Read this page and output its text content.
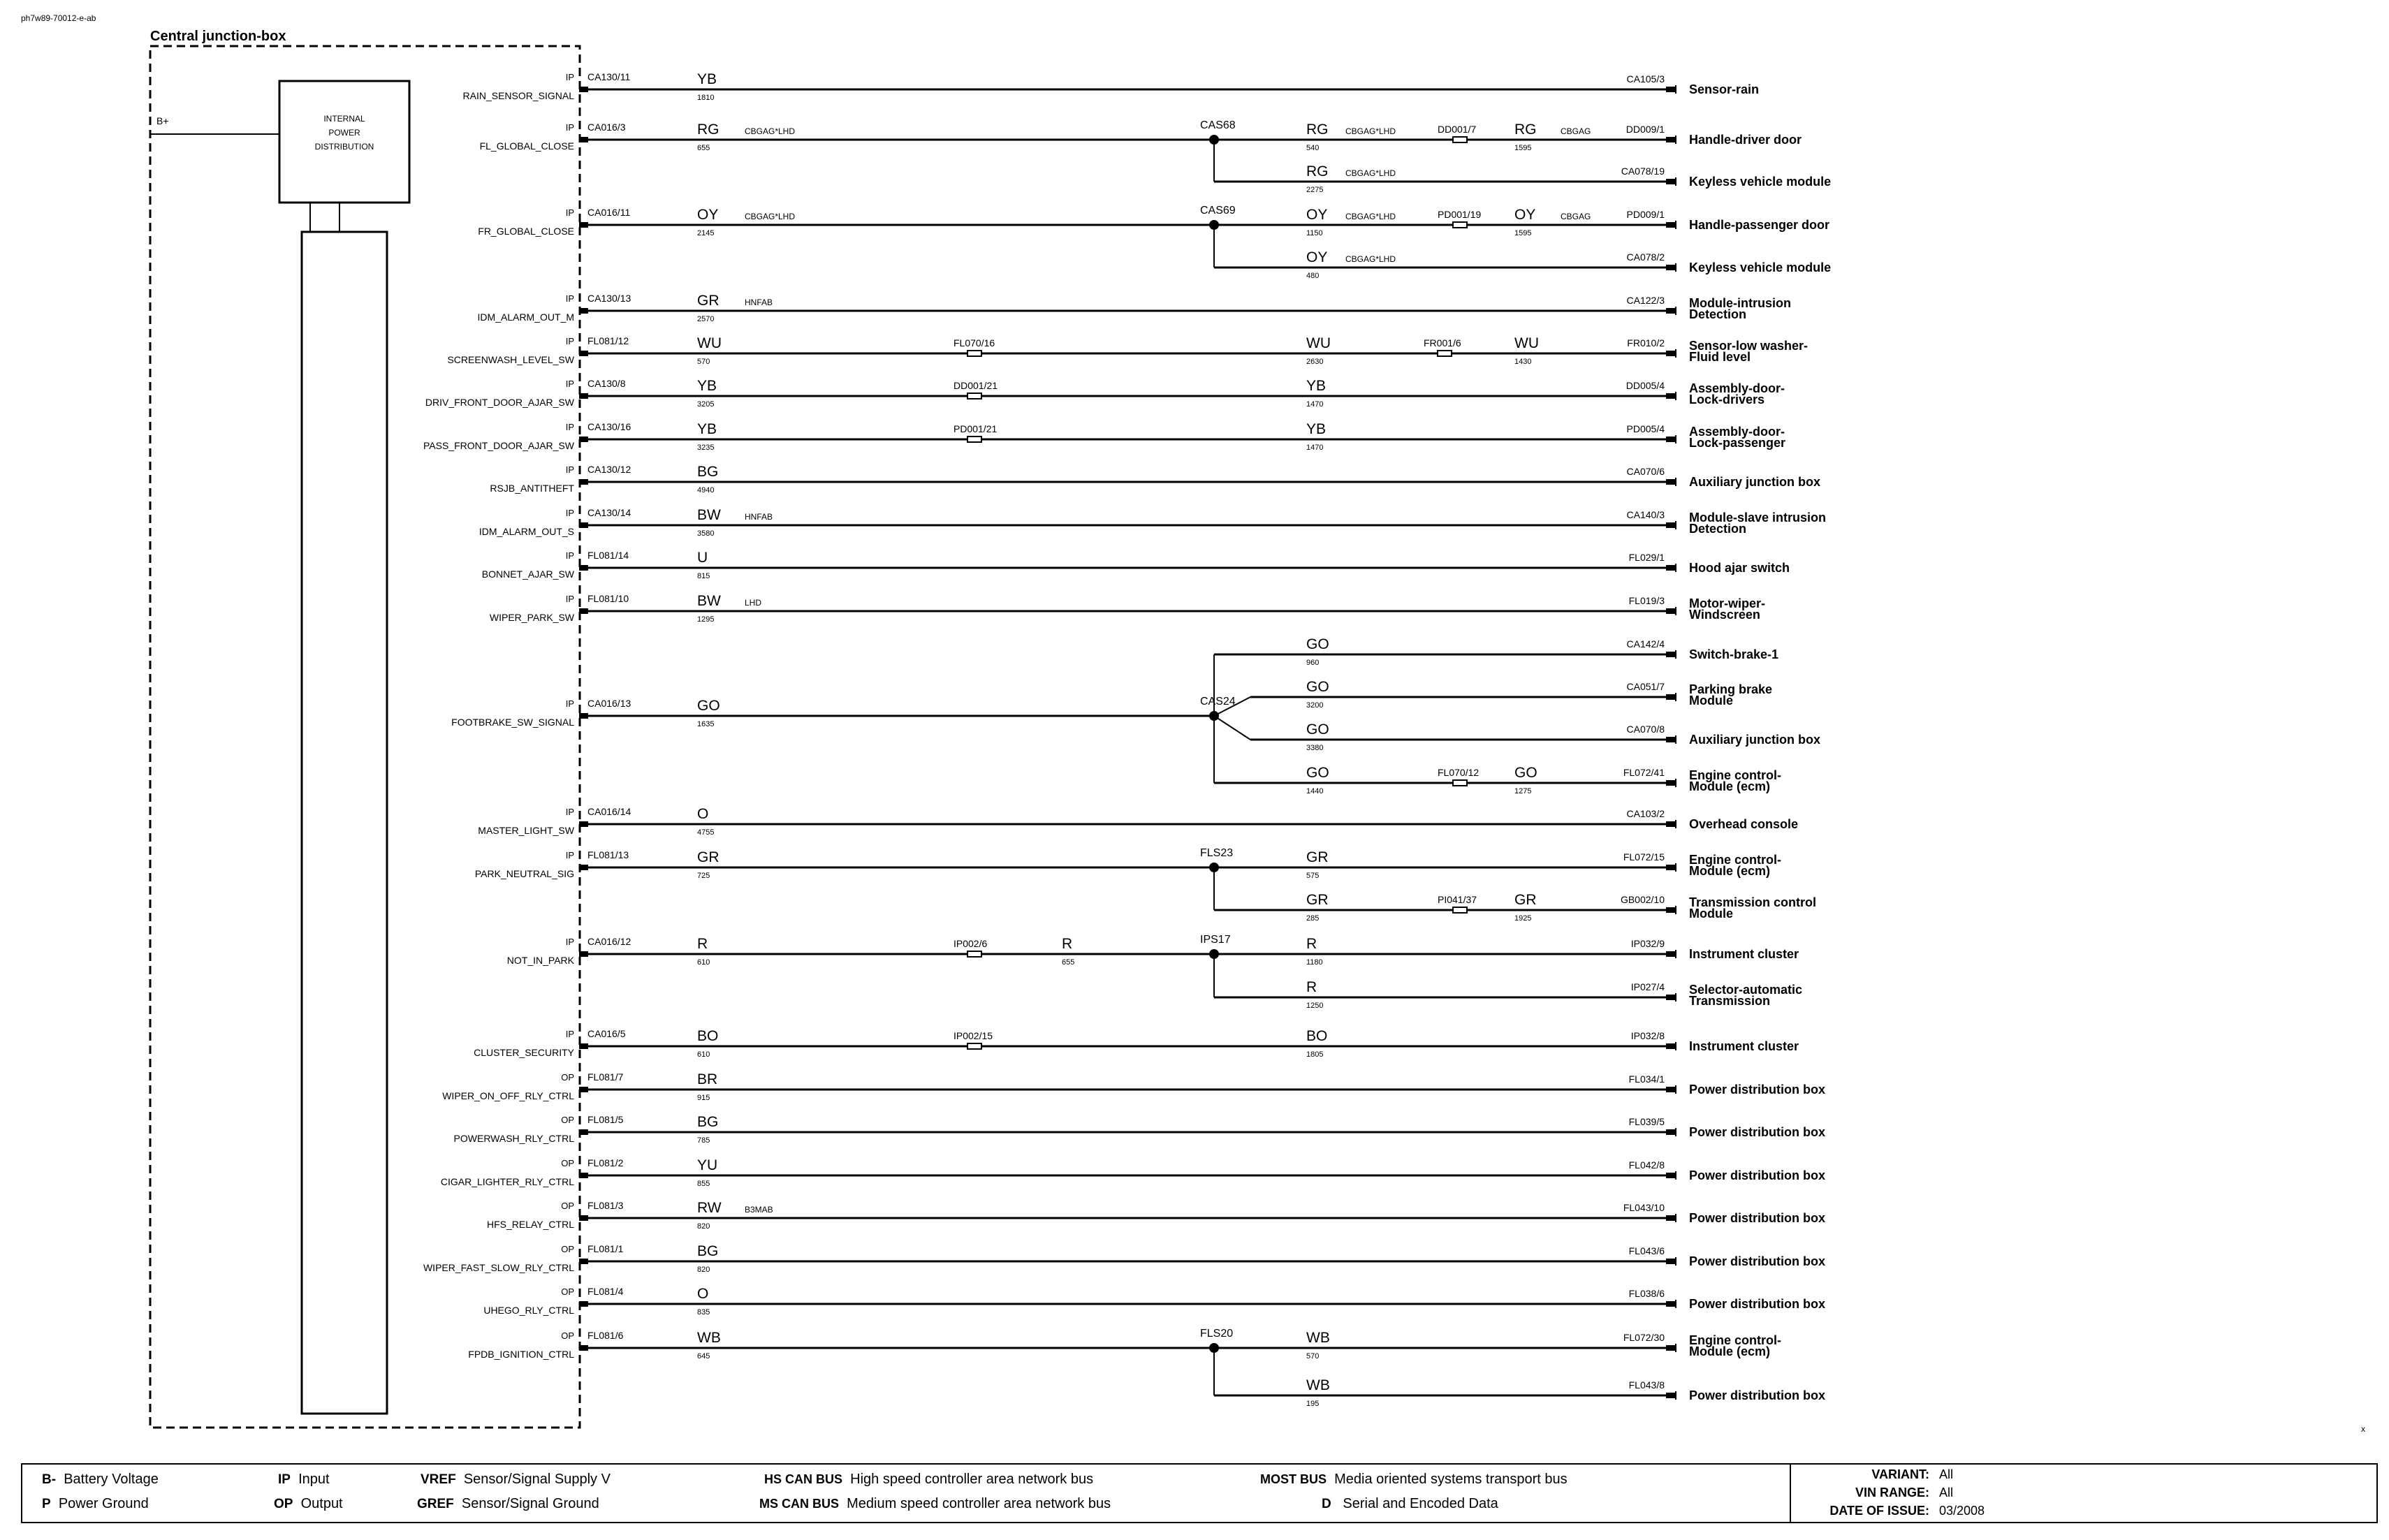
ph7w89-70012-e-ab
Central junction-box
B+	INTERNAL
POWER
DISTRIBUTION
x
IP
RAIN_SENSOR_SIGNAL
CA130/11	YB
1810
CA105/3
Sensor-rain
IP
FL_GLOBAL_CLOSE
CA016/3	RG
655
CBGAG*LHD	CAS68	RG
540
CBGAG*LHD	DD001/7	RG
1595
CBGAG	DD009/1
Handle-driver door
RG
2275
CBGAG*LHD	CA078/19
Keyless vehicle module
IP
FR_GLOBAL_CLOSE
CA016/11	OY
2145
CBGAG*LHD	CAS69	OY
1150
CBGAG*LHD	PD001/19 OY
1595
CBGAG	PD009/1
Handle-passenger door
OY
480
CBGAG*LHD	CA078/2
Keyless vehicle module
IP
IDM_ALARM_OUT_M
CA130/13	GR
2570
HNFAB	CA122/3 Module-intrusion
Detection
IP
SCREENWASH_LEVEL_SW
FL081/12	WU
570
FL070/16	WU
2630
FR001/6	WU
1430
FR010/2 Sensor-low washer-
Fluid level
IP
DRIV_FRONT_DOOR_AJAR_SW
CA130/8	YB
3205
DD001/21	YB
1470
DD005/4 Assembly-door-
Lock-drivers
IP
PASS_FRONT_DOOR_AJAR_SW
CA130/16	YB
3235
PD001/21	YB
1470
PD005/4 Assembly-door-
Lock-passenger
IP
RSJB_ANTITHEFT
CA130/12	BG
4940
CA070/6
Auxiliary junction box
IP
IDM_ALARM_OUT_S
CA130/14	BW
3580
HNFAB	CA140/3 Module-slave intrusion
Detection
IP
BONNET_AJAR_SW
FL081/14	U
815
FL029/1
Hood ajar switch
IP
WIPER_PARK_SW
FL081/10	BW
1295
LHD	FL019/3 Motor-wiper-
Windscreen
IP
FOOTBRAKE_SW_SIGNAL
CA016/13	GO
1635
CAS24
GO
960
CA142/4
Switch-brake-1
GO
3200
CA051/7 Parking brake
Module
GO
3380
CA070/8
Auxiliary junction box
GO
1440
FL070/12 GO
1275
FL072/41 Engine control-
Module (ecm)
IP
MASTER_LIGHT_SW
CA016/14	O
4755
CA103/2
Overhead console
IP
PARK_NEUTRAL_SIG
FL081/13	GR
725
FLS23	GR
575
FL072/15 Engine control-
Module (ecm)
GR
285
PI041/37	GR
1925
GB002/10 Transmission control
Module
IP
NOT_IN_PARK
CA016/12	R
610
IP002/6	R
655
IPS17	R
1180
IP032/9
Instrument cluster
R
1250
IP027/4 Selector-automatic
Transmission
IP
CLUSTER_SECURITY
CA016/5	BO
610
IP002/15	BO
1805
IP032/8
Instrument cluster
OP
WIPER_ON_OFF_RLY_CTRL
FL081/7	BR
915
FL034/1
Power distribution box
OP
POWERWASH_RLY_CTRL
FL081/5	BG
785
FL039/5
Power distribution box
OP
CIGAR_LIGHTER_RLY_CTRL
FL081/2	YU
855
FL042/8
Power distribution box
OP
HFS_RELAY_CTRL
FL081/3	RW
820
B3MAB	FL043/10
Power distribution box
OP
WIPER_FAST_SLOW_RLY_CTRL
FL081/1	BG
820
FL043/6
Power distribution box
OP
UHEGO_RLY_CTRL
FL081/4	O
835
FL038/6
Power distribution box
OP
FPDB_IGNITION_CTRL
FL081/6	WB
645
FLS20	WB
570
FL072/30 Engine control-
Module (ecm)
WB
195
FL043/8
Power distribution box
B- Battery Voltage
P Power Ground
IP Input
OP Output
VREF Sensor/Signal Supply V
GREF Sensor/Signal Ground
HS CAN BUS High speed controller area network bus
MS CAN BUS Medium speed controller area network bus
MOST BUS Media oriented systems transport bus
D Serial and Encoded Data
VARIANT: All
VIN RANGE: All
DATE OF ISSUE: 03/2008
